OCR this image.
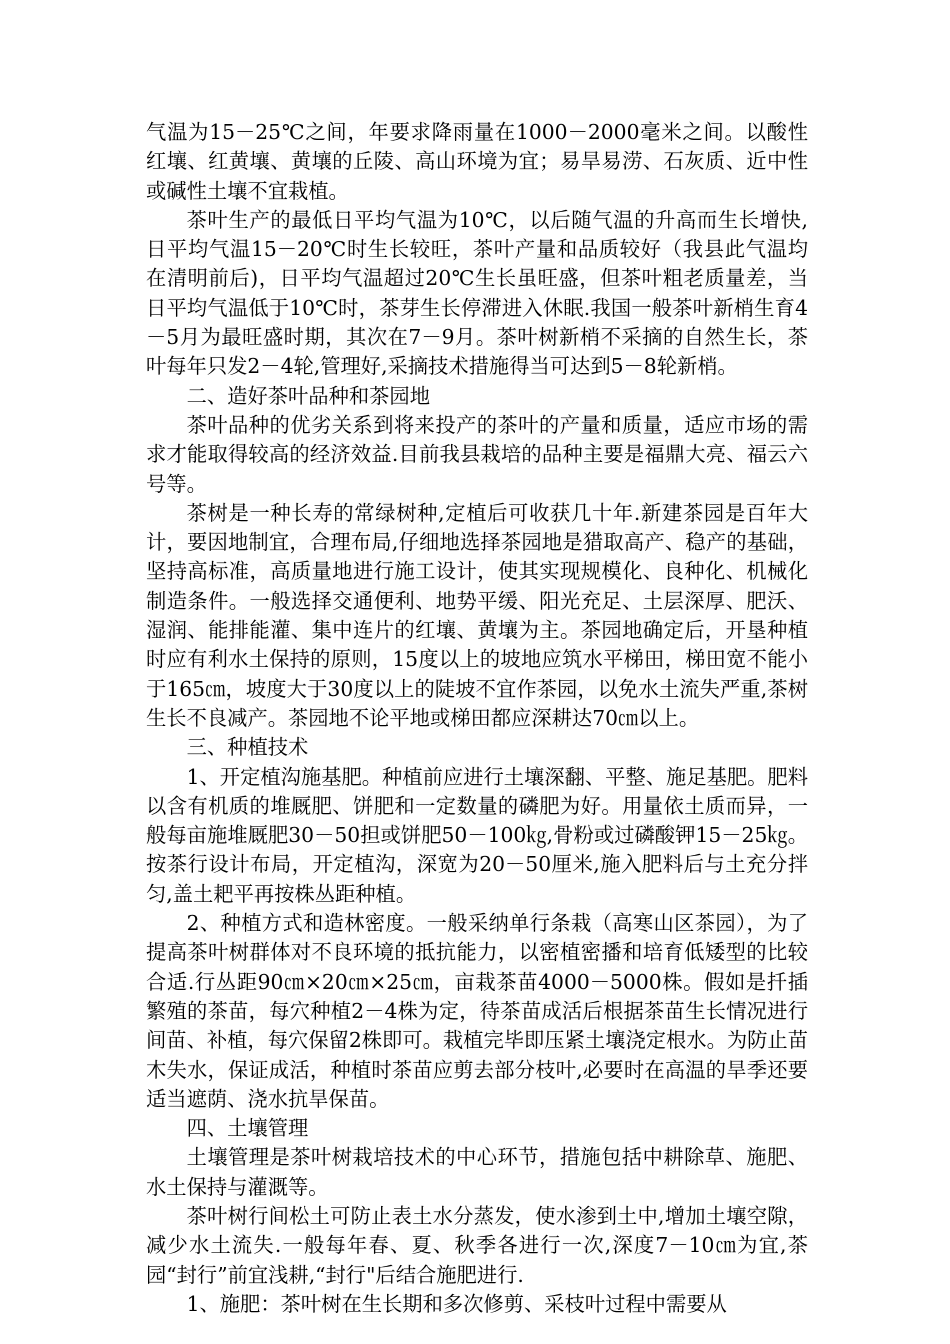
气温为15－25℃之间，年要求降雨量在1000－2000毫米之间。以酸性红壤、红黄壤、黄壤的丘陵、高山环境为宜；易旱易涝、石灰质、近中性或碱性土壤不宜栽植。

茶叶生产的最低日平均气温为10℃，以后随气温的升高而生长增快,日平均气温15－20℃时生长较旺，茶叶产量和品质较好（我县此气温均在清明前后)，日平均气温超过20℃生长虽旺盛，但茶叶粗老质量差，当日平均气温低于10℃时，茶芽生长停滞进入休眠.我国一般茶叶新梢生育4－5月为最旺盛时期，其次在7－9月。茶叶树新梢不采摘的自然生长，茶叶每年只发2－4轮,管理好,采摘技术措施得当可达到5－8轮新梢。

二、造好茶叶品种和茶园地

茶叶品种的优劣关系到将来投产的茶叶的产量和质量，适应市场的需求才能取得较高的经济效益.目前我县栽培的品种主要是福鼎大亮、福云六号等。

茶树是一种长寿的常绿树种,定植后可收获几十年.新建茶园是百年大计，要因地制宜，合理布局,仔细地选择茶园地是猎取高产、稳产的基础，坚持高标准，高质量地进行施工设计，使其实现规模化、良种化、机械化制造条件。一般选择交通便利、地势平缓、阳光充足、土层深厚、肥沃、湿润、能排能灌、集中连片的红壤、黄壤为主。茶园地确定后，开垦种植时应有利水土保持的原则，15度以上的坡地应筑水平梯田，梯田宽不能小于165㎝，坡度大于30度以上的陡坡不宜作茶园，以免水土流失严重,茶树生长不良减产。茶园地不论平地或梯田都应深耕达70㎝以上。

三、种植技术

1、开定植沟施基肥。种植前应进行土壤深翻、平整、施足基肥。肥料以含有机质的堆厩肥、饼肥和一定数量的磷肥为好。用量依土质而异，一般每亩施堆厩肥30－50担或饼肥50－100㎏,骨粉或过磷酸钾15－25㎏。按茶行设计布局，开定植沟，深宽为20－50厘米,施入肥料后与土充分拌匀,盖土耙平再按株丛距种植。

2、种植方式和造林密度。一般采纳单行条栽（高寒山区茶园），为了提高茶叶树群体对不良环境的抵抗能力，以密植密播和培育低矮型的比较合适.行丛距90㎝×20㎝×25㎝，亩栽茶苗4000－5000株。假如是扦插繁殖的茶苗，每穴种植2－4株为定，待茶苗成活后根据茶苗生长情况进行间苗、补植，每穴保留2株即可。栽植完毕即压紧土壤浇定根水。为防止苗木失水，保证成活，种植时茶苗应剪去部分枝叶,必要时在高温的旱季还要适当遮荫、浇水抗旱保苗。

四、土壤管理

土壤管理是茶叶树栽培技术的中心环节，措施包括中耕除草、施肥、水土保持与灌溉等。

茶叶树行间松土可防止表土水分蒸发，使水渗到土中,增加土壤空隙，减少水土流失.一般每年春、夏、秋季各进行一次,深度7－10㎝为宜,茶园“封行”前宜浅耕,“封行"后结合施肥进行.

1、施肥：茶叶树在生长期和多次修剪、采枝叶过程中需要从
